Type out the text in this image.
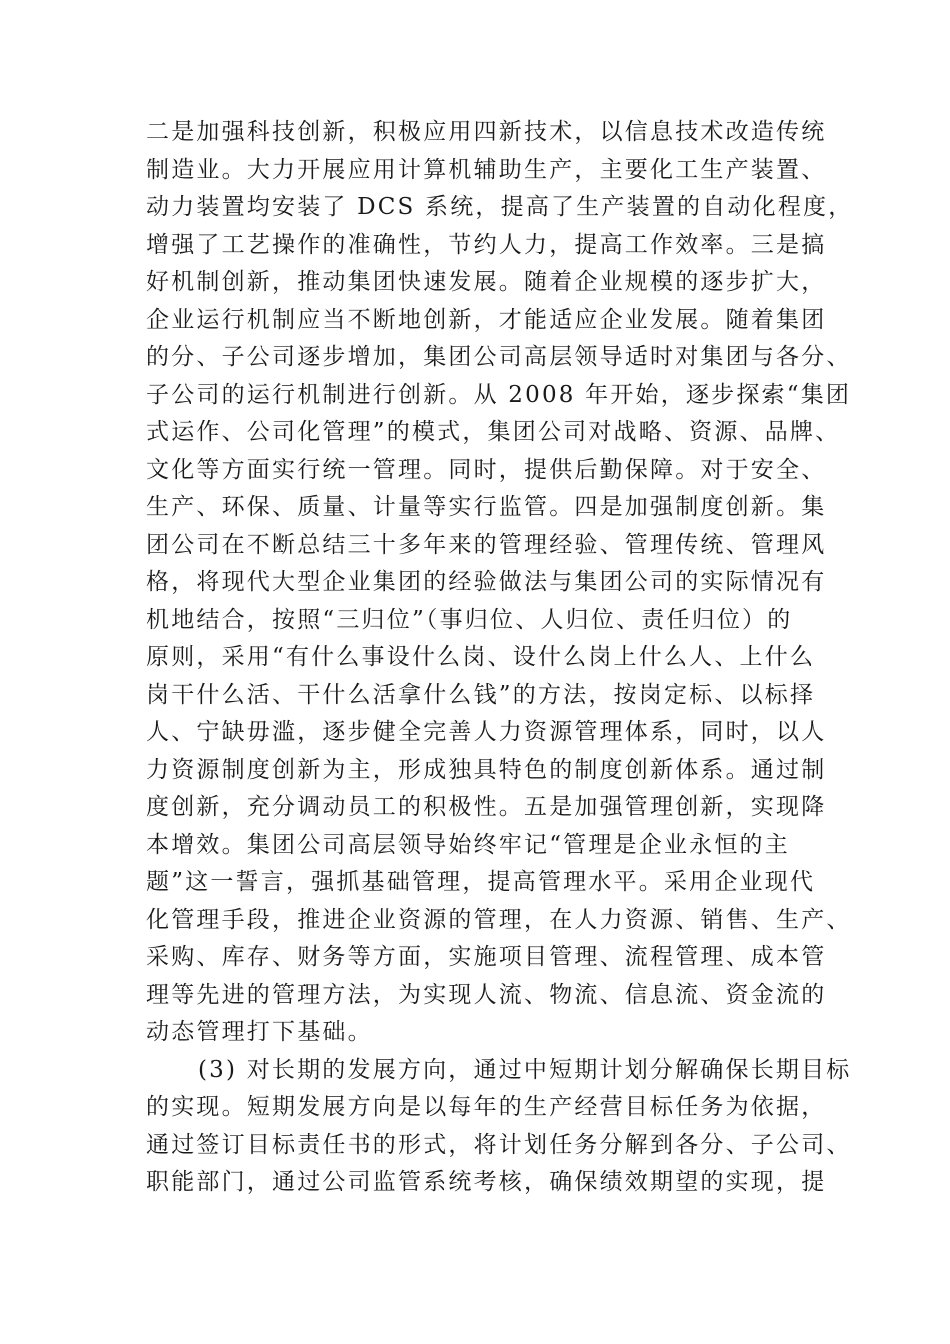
二是加强科技创新，积极应用四新技术，以信息技术改造传统
制造业。大力开展应用计算机辅助生产，主要化工生产装置、
动力装置均安装了 DCS 系统，提高了生产装置的自动化程度，
增强了工艺操作的准确性，节约人力，提高工作效率。三是搞
好机制创新，推动集团快速发展。随着企业规模的逐步扩大，
企业运行机制应当不断地创新，才能适应企业发展。随着集团
的分、子公司逐步增加，集团公司高层领导适时对集团与各分、
子公司的运行机制进行创新。从 2008 年开始，逐步探索“集团
式运作、公司化管理”的模式，集团公司对战略、资源、品牌、
文化等方面实行统一管理。同时，提供后勤保障。对于安全、
生产、环保、质量、计量等实行监管。四是加强制度创新。集
团公司在不断总结三十多年来的管理经验、管理传统、管理风
格，将现代大型企业集团的经验做法与集团公司的实际情况有
机地结合，按照“三归位”（事归位、人归位、责任归位）的
原则，采用“有什么事设什么岗、设什么岗上什么人、上什么
岗干什么活、干什么活拿什么钱”的方法，按岗定标、以标择
人、宁缺毋滥，逐步健全完善人力资源管理体系，同时，以人
力资源制度创新为主，形成独具特色的制度创新体系。通过制
度创新，充分调动员工的积极性。五是加强管理创新，实现降
本增效。集团公司高层领导始终牢记“管理是企业永恒的主
题”这一誓言，强抓基础管理，提高管理水平。采用企业现代
化管理手段，推进企业资源的管理，在人力资源、销售、生产、
采购、库存、财务等方面，实施项目管理、流程管理、成本管
理等先进的管理方法，为实现人流、物流、信息流、资金流的
动态管理打下基础。
(3) 对长期的发展方向，通过中短期计划分解确保长期目标
的实现。短期发展方向是以每年的生产经营目标任务为依据，
通过签订目标责任书的形式，将计划任务分解到各分、子公司、
职能部门，通过公司监管系统考核，确保绩效期望的实现，提
